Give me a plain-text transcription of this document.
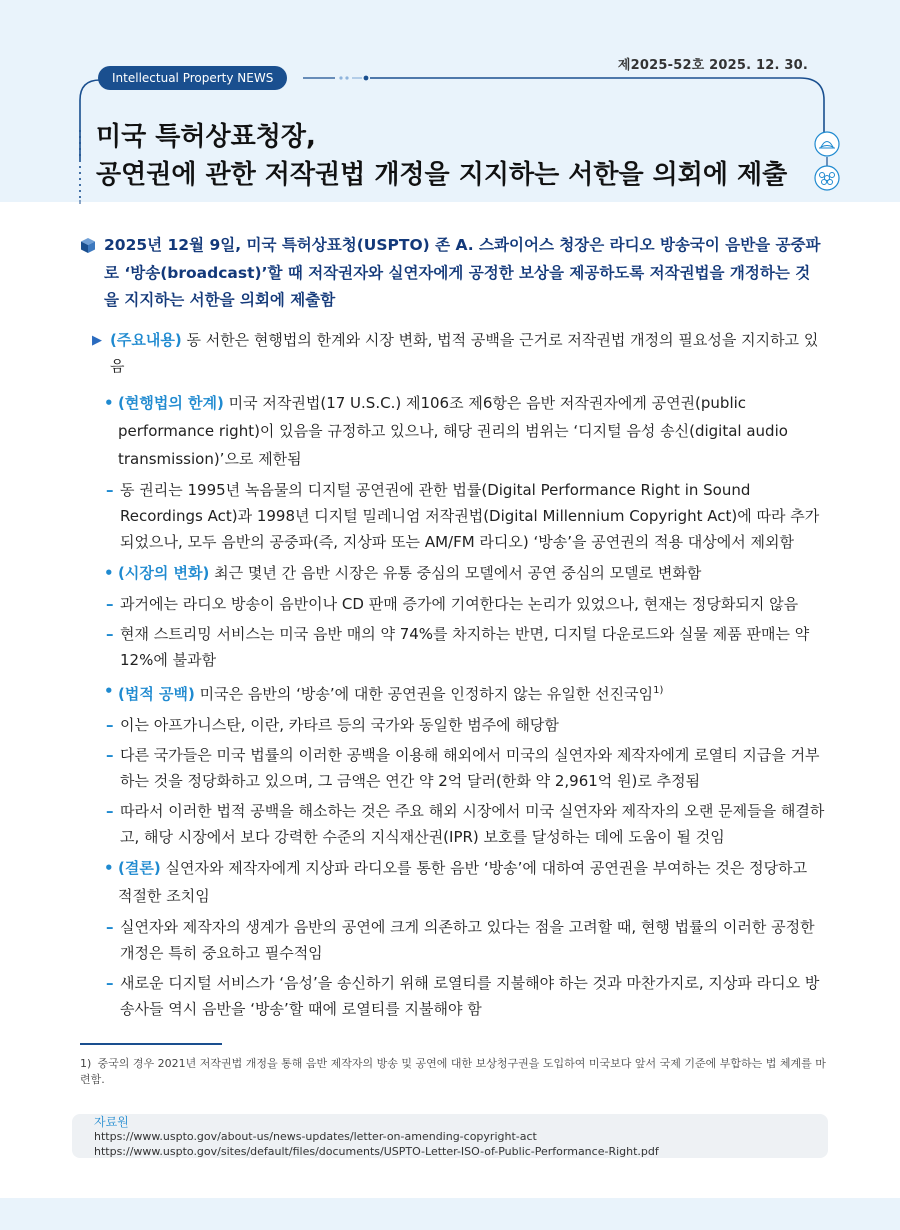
제2025-52호 2025. 12. 30.
Intellectual Property NEWS
미국 특허상표청장,
공연권에 관한 저작권법 개정을 지지하는 서한을 의회에 제출

2025년 12월 9일, 미국 특허상표청(USPTO) 존 A. 스콰이어스 청장은 라디오 방송국이 음반을 공중파로 ‘방송(broadcast)’할 때 저작권자와 실연자에게 공정한 보상을 제공하도록 저작권법을 개정하는 것을 지지하는 서한을 의회에 제출함

▶ (주요내용) 동 서한은 현행법의 한계와 시장 변화, 법적 공백을 근거로 저작권법 개정의 필요성을 지지하고 있음

• (현행법의 한계) 미국 저작권법(17 U.S.C.) 제106조 제6항은 음반 저작권자에게 공연권(public performance right)이 있음을 규정하고 있으나, 해당 권리의 범위는 ‘디지털 음성 송신(digital audio transmission)’으로 제한됨

– 동 권리는 1995년 녹음물의 디지털 공연권에 관한 법률(Digital Performance Right in Sound Recordings Act)과 1998년 디지털 밀레니엄 저작권법(Digital Millennium Copyright Act)에 따라 추가되었으나, 모두 음반의 공중파(즉, 지상파 또는 AM/FM 라디오) ‘방송’을 공연권의 적용 대상에서 제외함

• (시장의 변화) 최근 몇년 간 음반 시장은 유통 중심의 모델에서 공연 중심의 모델로 변화함

– 과거에는 라디오 방송이 음반이나 CD 판매 증가에 기여한다는 논리가 있었으나, 현재는 정당화되지 않음

– 현재 스트리밍 서비스는 미국 음반 매의 약 74%를 차지하는 반면, 디지털 다운로드와 실물 제품 판매는 약 12%에 불과함

• (법적 공백) 미국은 음반의 ‘방송’에 대한 공연권을 인정하지 않는 유일한 선진국임$^{1)}$

– 이는 아프가니스탄, 이란, 카타르 등의 국가와 동일한 범주에 해당함

– 다른 국가들은 미국 법률의 이러한 공백을 이용해 해외에서 미국의 실연자와 제작자에게 로열티 지급을 거부하는 것을 정당화하고 있으며, 그 금액은 연간 약 2억 달러(한화 약 2,961억 원)로 추정됨

– 따라서 이러한 법적 공백을 해소하는 것은 주요 해외 시장에서 미국 실연자와 제작자의 오랜 문제들을 해결하고, 해당 시장에서 보다 강력한 수준의 지식재산권(IPR) 보호를 달성하는 데에 도움이 될 것임

• (결론) 실연자와 제작자에게 지상파 라디오를 통한 음반 ‘방송’에 대하여 공연권을 부여하는 것은 정당하고 적절한 조치임

– 실연자와 제작자의 생계가 음반의 공연에 크게 의존하고 있다는 점을 고려할 때, 현행 법률의 이러한 공정한 개정은 특히 중요하고 필수적임

– 새로운 디지털 서비스가 ‘음성’을 송신하기 위해 로열티를 지불해야 하는 것과 마찬가지로, 지상파 라디오 방송사들 역시 음반을 ‘방송’할 때에 로열티를 지불해야 함

1) 중국의 경우 2021년 저작권법 개정을 통해 음반 제작자의 방송 및 공연에 대한 보상청구권을 도입하여 미국보다 앞서 국제 기준에 부합하는 법 체계를 마련함.
자료원
https://www.uspto.gov/about-us/news-updates/letter-on-amending-copyright-act
https://www.uspto.gov/sites/default/files/documents/USPTO-Letter-ISO-of-Public-Performance-Right.pdf
